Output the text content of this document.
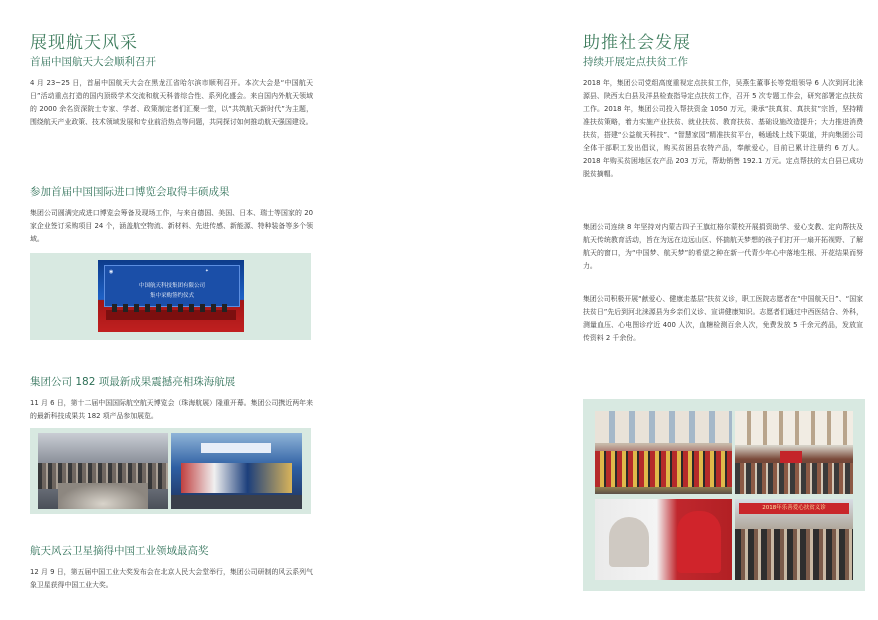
展现航天风采
首届中国航天大会顺利召开

4 月 23~25 日，首届中国航天大会在黑龙江省哈尔滨市顺利召开。本次大会是“中国航天日”活动重点打造的国内顶级学术交流和航天科普综合性、系列化盛会。来自国内外航天领域的 2000 余名资深院士专家、学者、政策制定者们汇聚一堂，以“共筑航天新时代”为主题，围绕航天产业政策、技术领域发展和专业前沿热点等问题，共同探讨如何推动航天强国建设。

参加首届中国国际进口博览会取得丰硕成果

集团公司圆满完成进口博览会筹备及现场工作，与来自德国、美国、日本、瑞士等国家的 20 家企业签订采购项目 24 个，涵盖航空物流、新材料、先进传感、新能源、特种装备等多个领域。

◉	✦
中国航天科技集团有限公司
集中采购签约仪式
集团公司 182 项最新成果震撼亮相珠海航展

11 月 6 日，第十二届中国国际航空航天博览会（珠海航展）隆重开幕。集团公司携近两年来的最新科技成果共 182 项产品参加展览。

航天风云卫星摘得中国工业领域最高奖

12 月 9 日，第五届中国工业大奖发布会在北京人民大会堂举行，集团公司研制的风云系列气象卫星获得中国工业大奖。

助推社会发展
持续开展定点扶贫工作

2018 年，集团公司党组高度重视定点扶贫工作，吴燕生董事长等党组领导 6 人次到河北涞源县、陕西太白县及洋县检查指导定点扶贫工作，召开 5 次专题工作会，研究部署定点扶贫工作。2018 年，集团公司投入帮扶资金 1050 万元，秉承“扶真贫、真扶贫”宗旨，坚持精准扶贫策略，着力实施产业扶贫、就业扶贫、教育扶贫、基础设施改造提升；大力推进消费扶贫，搭建“公益航天科技”、“智慧家园”精准扶贫平台，畅通线上线下渠道，并向集团公司全体干部职工发出倡议，购买贫困县农特产品，奉献爱心，目前已累计注册约 6 万人。2018 年购买贫困地区农产品 203 万元，帮助销售 192.1 万元。定点帮扶的太白县已成功脱贫摘帽。

集团公司连续 8 年坚持对内蒙古四子王旗红格尔蒙校开展捐资助学、爱心支教、定向帮扶及航天传统教育活动，旨在为远在边远山区、怀揣航天梦想的孩子们打开一扇开拓视野、了解航天的窗口，为“中国梦、航天梦”的希望之种在新一代青少年心中落地生根、开花结果而努力。

集团公司积极开展“献爱心、健康走基层”扶贫义诊，职工医院志愿者在“中国航天日”、“国家扶贫日”先后到河北涞源县为乡亲们义诊、宣讲健康知识。志愿者们通过中西医结合、外科，测量血压、心电图诊疗近 400 人次，血糖检测百余人次，免费发放 5 千余元药品，发放宣传资料 2 千余份。

2018年乐善爱心扶贫义诊
